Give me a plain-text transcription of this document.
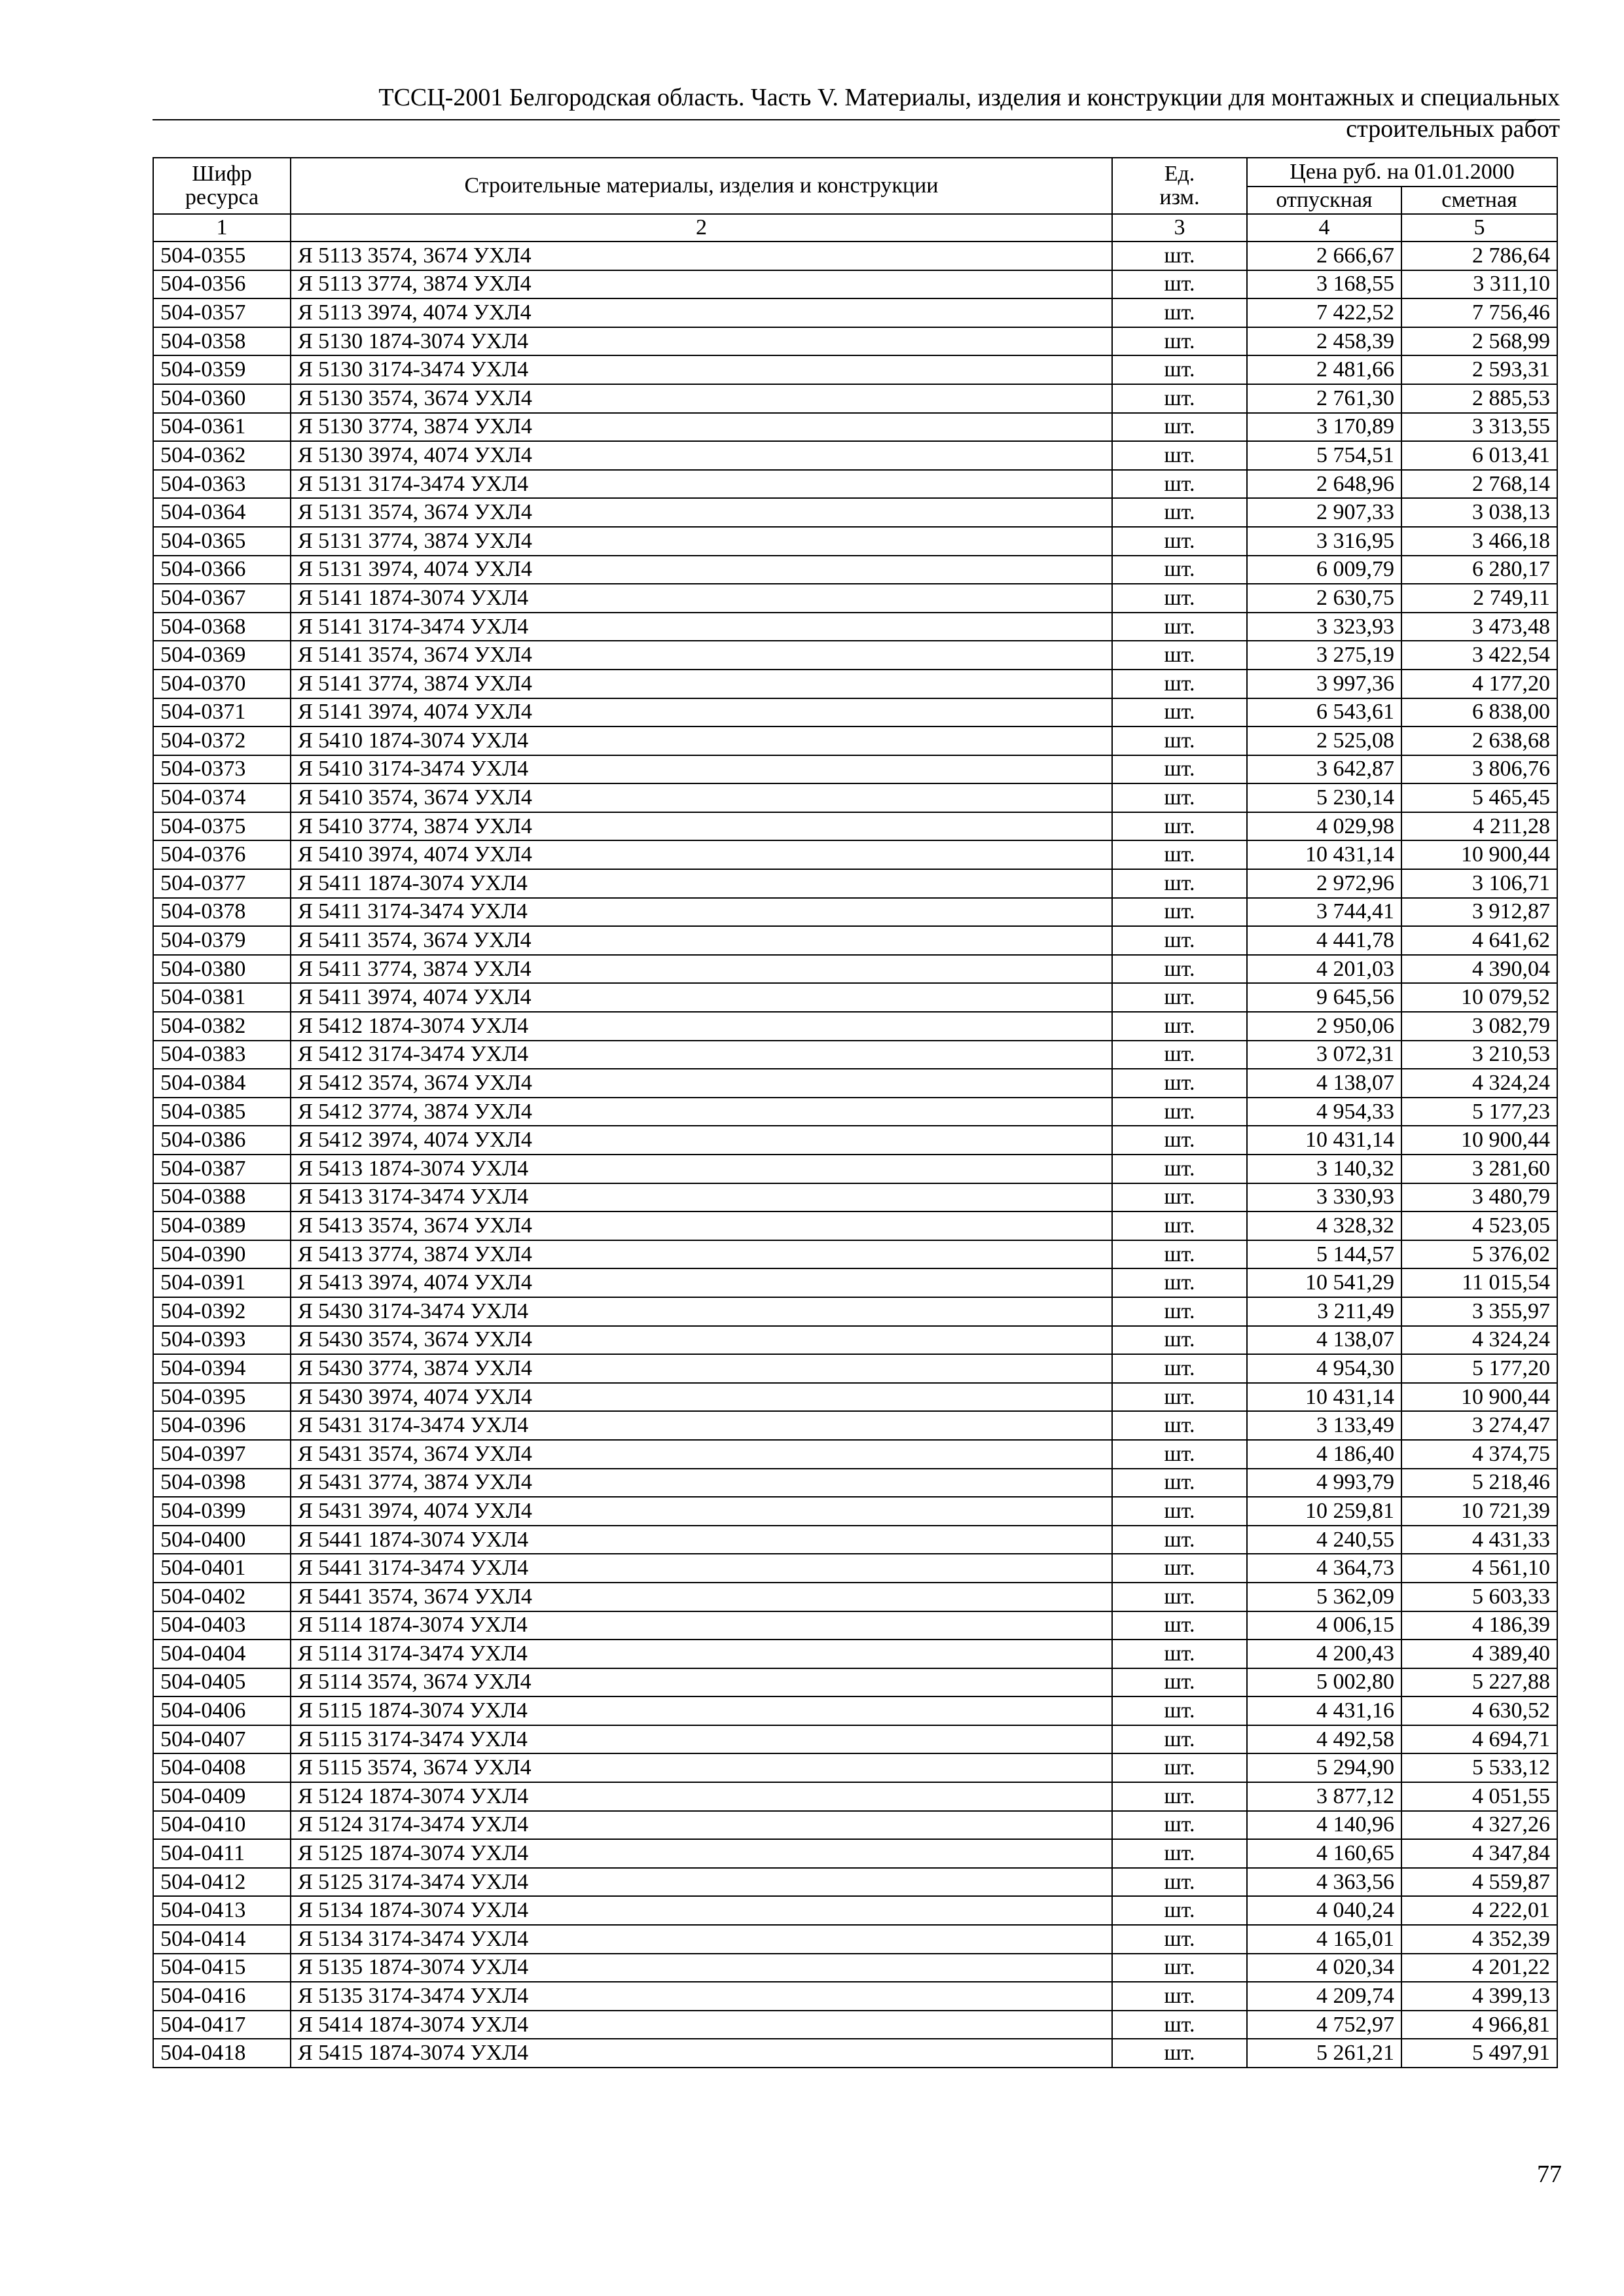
ТССЦ-2001 Белгородская область. Часть V. Материалы, изделия и конструкции для монтажных и специальных
строительных работ
Шифр
ресурса	Строительные материалы, изделия и конструкции	Ед.
изм.	Цена руб. на 01.01.2000	
			отпускная	сметная
1	2	3	4	5
504-0355	Я 5113 3574, 3674 УХЛ4	шт.	2 666,67	2 786,64
504-0356	Я 5113 3774, 3874 УХЛ4	шт.	3 168,55	3 311,10
504-0357	Я 5113 3974, 4074 УХЛ4	шт.	7 422,52	7 756,46
504-0358	Я 5130 1874-3074 УХЛ4	шт.	2 458,39	2 568,99
504-0359	Я 5130 3174-3474 УХЛ4	шт.	2 481,66	2 593,31
504-0360	Я 5130 3574, 3674 УХЛ4	шт.	2 761,30	2 885,53
504-0361	Я 5130 3774, 3874 УХЛ4	шт.	3 170,89	3 313,55
504-0362	Я 5130 3974, 4074 УХЛ4	шт.	5 754,51	6 013,41
504-0363	Я 5131 3174-3474 УХЛ4	шт.	2 648,96	2 768,14
504-0364	Я 5131 3574, 3674 УХЛ4	шт.	2 907,33	3 038,13
504-0365	Я 5131 3774, 3874 УХЛ4	шт.	3 316,95	3 466,18
504-0366	Я 5131 3974, 4074 УХЛ4	шт.	6 009,79	6 280,17
504-0367	Я 5141 1874-3074 УХЛ4	шт.	2 630,75	2 749,11
504-0368	Я 5141 3174-3474 УХЛ4	шт.	3 323,93	3 473,48
504-0369	Я 5141 3574, 3674 УХЛ4	шт.	3 275,19	3 422,54
504-0370	Я 5141 3774, 3874 УХЛ4	шт.	3 997,36	4 177,20
504-0371	Я 5141 3974, 4074 УХЛ4	шт.	6 543,61	6 838,00
504-0372	Я 5410 1874-3074 УХЛ4	шт.	2 525,08	2 638,68
504-0373	Я 5410 3174-3474 УХЛ4	шт.	3 642,87	3 806,76
504-0374	Я 5410 3574, 3674 УХЛ4	шт.	5 230,14	5 465,45
504-0375	Я 5410 3774, 3874 УХЛ4	шт.	4 029,98	4 211,28
504-0376	Я 5410 3974, 4074 УХЛ4	шт.	10 431,14	10 900,44
504-0377	Я 5411 1874-3074 УХЛ4	шт.	2 972,96	3 106,71
504-0378	Я 5411 3174-3474 УХЛ4	шт.	3 744,41	3 912,87
504-0379	Я 5411 3574, 3674 УХЛ4	шт.	4 441,78	4 641,62
504-0380	Я 5411 3774, 3874 УХЛ4	шт.	4 201,03	4 390,04
504-0381	Я 5411 3974, 4074 УХЛ4	шт.	9 645,56	10 079,52
504-0382	Я 5412 1874-3074 УХЛ4	шт.	2 950,06	3 082,79
504-0383	Я 5412 3174-3474 УХЛ4	шт.	3 072,31	3 210,53
504-0384	Я 5412 3574, 3674 УХЛ4	шт.	4 138,07	4 324,24
504-0385	Я 5412 3774, 3874 УХЛ4	шт.	4 954,33	5 177,23
504-0386	Я 5412 3974, 4074 УХЛ4	шт.	10 431,14	10 900,44
504-0387	Я 5413 1874-3074 УХЛ4	шт.	3 140,32	3 281,60
504-0388	Я 5413 3174-3474 УХЛ4	шт.	3 330,93	3 480,79
504-0389	Я 5413 3574, 3674 УХЛ4	шт.	4 328,32	4 523,05
504-0390	Я 5413 3774, 3874 УХЛ4	шт.	5 144,57	5 376,02
504-0391	Я 5413 3974, 4074 УХЛ4	шт.	10 541,29	11 015,54
504-0392	Я 5430 3174-3474 УХЛ4	шт.	3 211,49	3 355,97
504-0393	Я 5430 3574, 3674 УХЛ4	шт.	4 138,07	4 324,24
504-0394	Я 5430 3774, 3874 УХЛ4	шт.	4 954,30	5 177,20
504-0395	Я 5430 3974, 4074 УХЛ4	шт.	10 431,14	10 900,44
504-0396	Я 5431 3174-3474 УХЛ4	шт.	3 133,49	3 274,47
504-0397	Я 5431 3574, 3674 УХЛ4	шт.	4 186,40	4 374,75
504-0398	Я 5431 3774, 3874 УХЛ4	шт.	4 993,79	5 218,46
504-0399	Я 5431 3974, 4074 УХЛ4	шт.	10 259,81	10 721,39
504-0400	Я 5441 1874-3074 УХЛ4	шт.	4 240,55	4 431,33
504-0401	Я 5441 3174-3474 УХЛ4	шт.	4 364,73	4 561,10
504-0402	Я 5441 3574, 3674 УХЛ4	шт.	5 362,09	5 603,33
504-0403	Я 5114 1874-3074 УХЛ4	шт.	4 006,15	4 186,39
504-0404	Я 5114 3174-3474 УХЛ4	шт.	4 200,43	4 389,40
504-0405	Я 5114 3574, 3674 УХЛ4	шт.	5 002,80	5 227,88
504-0406	Я 5115 1874-3074 УХЛ4	шт.	4 431,16	4 630,52
504-0407	Я 5115 3174-3474 УХЛ4	шт.	4 492,58	4 694,71
504-0408	Я 5115 3574, 3674 УХЛ4	шт.	5 294,90	5 533,12
504-0409	Я 5124 1874-3074 УХЛ4	шт.	3 877,12	4 051,55
504-0410	Я 5124 3174-3474 УХЛ4	шт.	4 140,96	4 327,26
504-0411	Я 5125 1874-3074 УХЛ4	шт.	4 160,65	4 347,84
504-0412	Я 5125 3174-3474 УХЛ4	шт.	4 363,56	4 559,87
504-0413	Я 5134 1874-3074 УХЛ4	шт.	4 040,24	4 222,01
504-0414	Я 5134 3174-3474 УХЛ4	шт.	4 165,01	4 352,39
504-0415	Я 5135 1874-3074 УХЛ4	шт.	4 020,34	4 201,22
504-0416	Я 5135 3174-3474 УХЛ4	шт.	4 209,74	4 399,13
504-0417	Я 5414 1874-3074 УХЛ4	шт.	4 752,97	4 966,81
504-0418	Я 5415 1874-3074 УХЛ4	шт.	5 261,21	5 497,91
77
